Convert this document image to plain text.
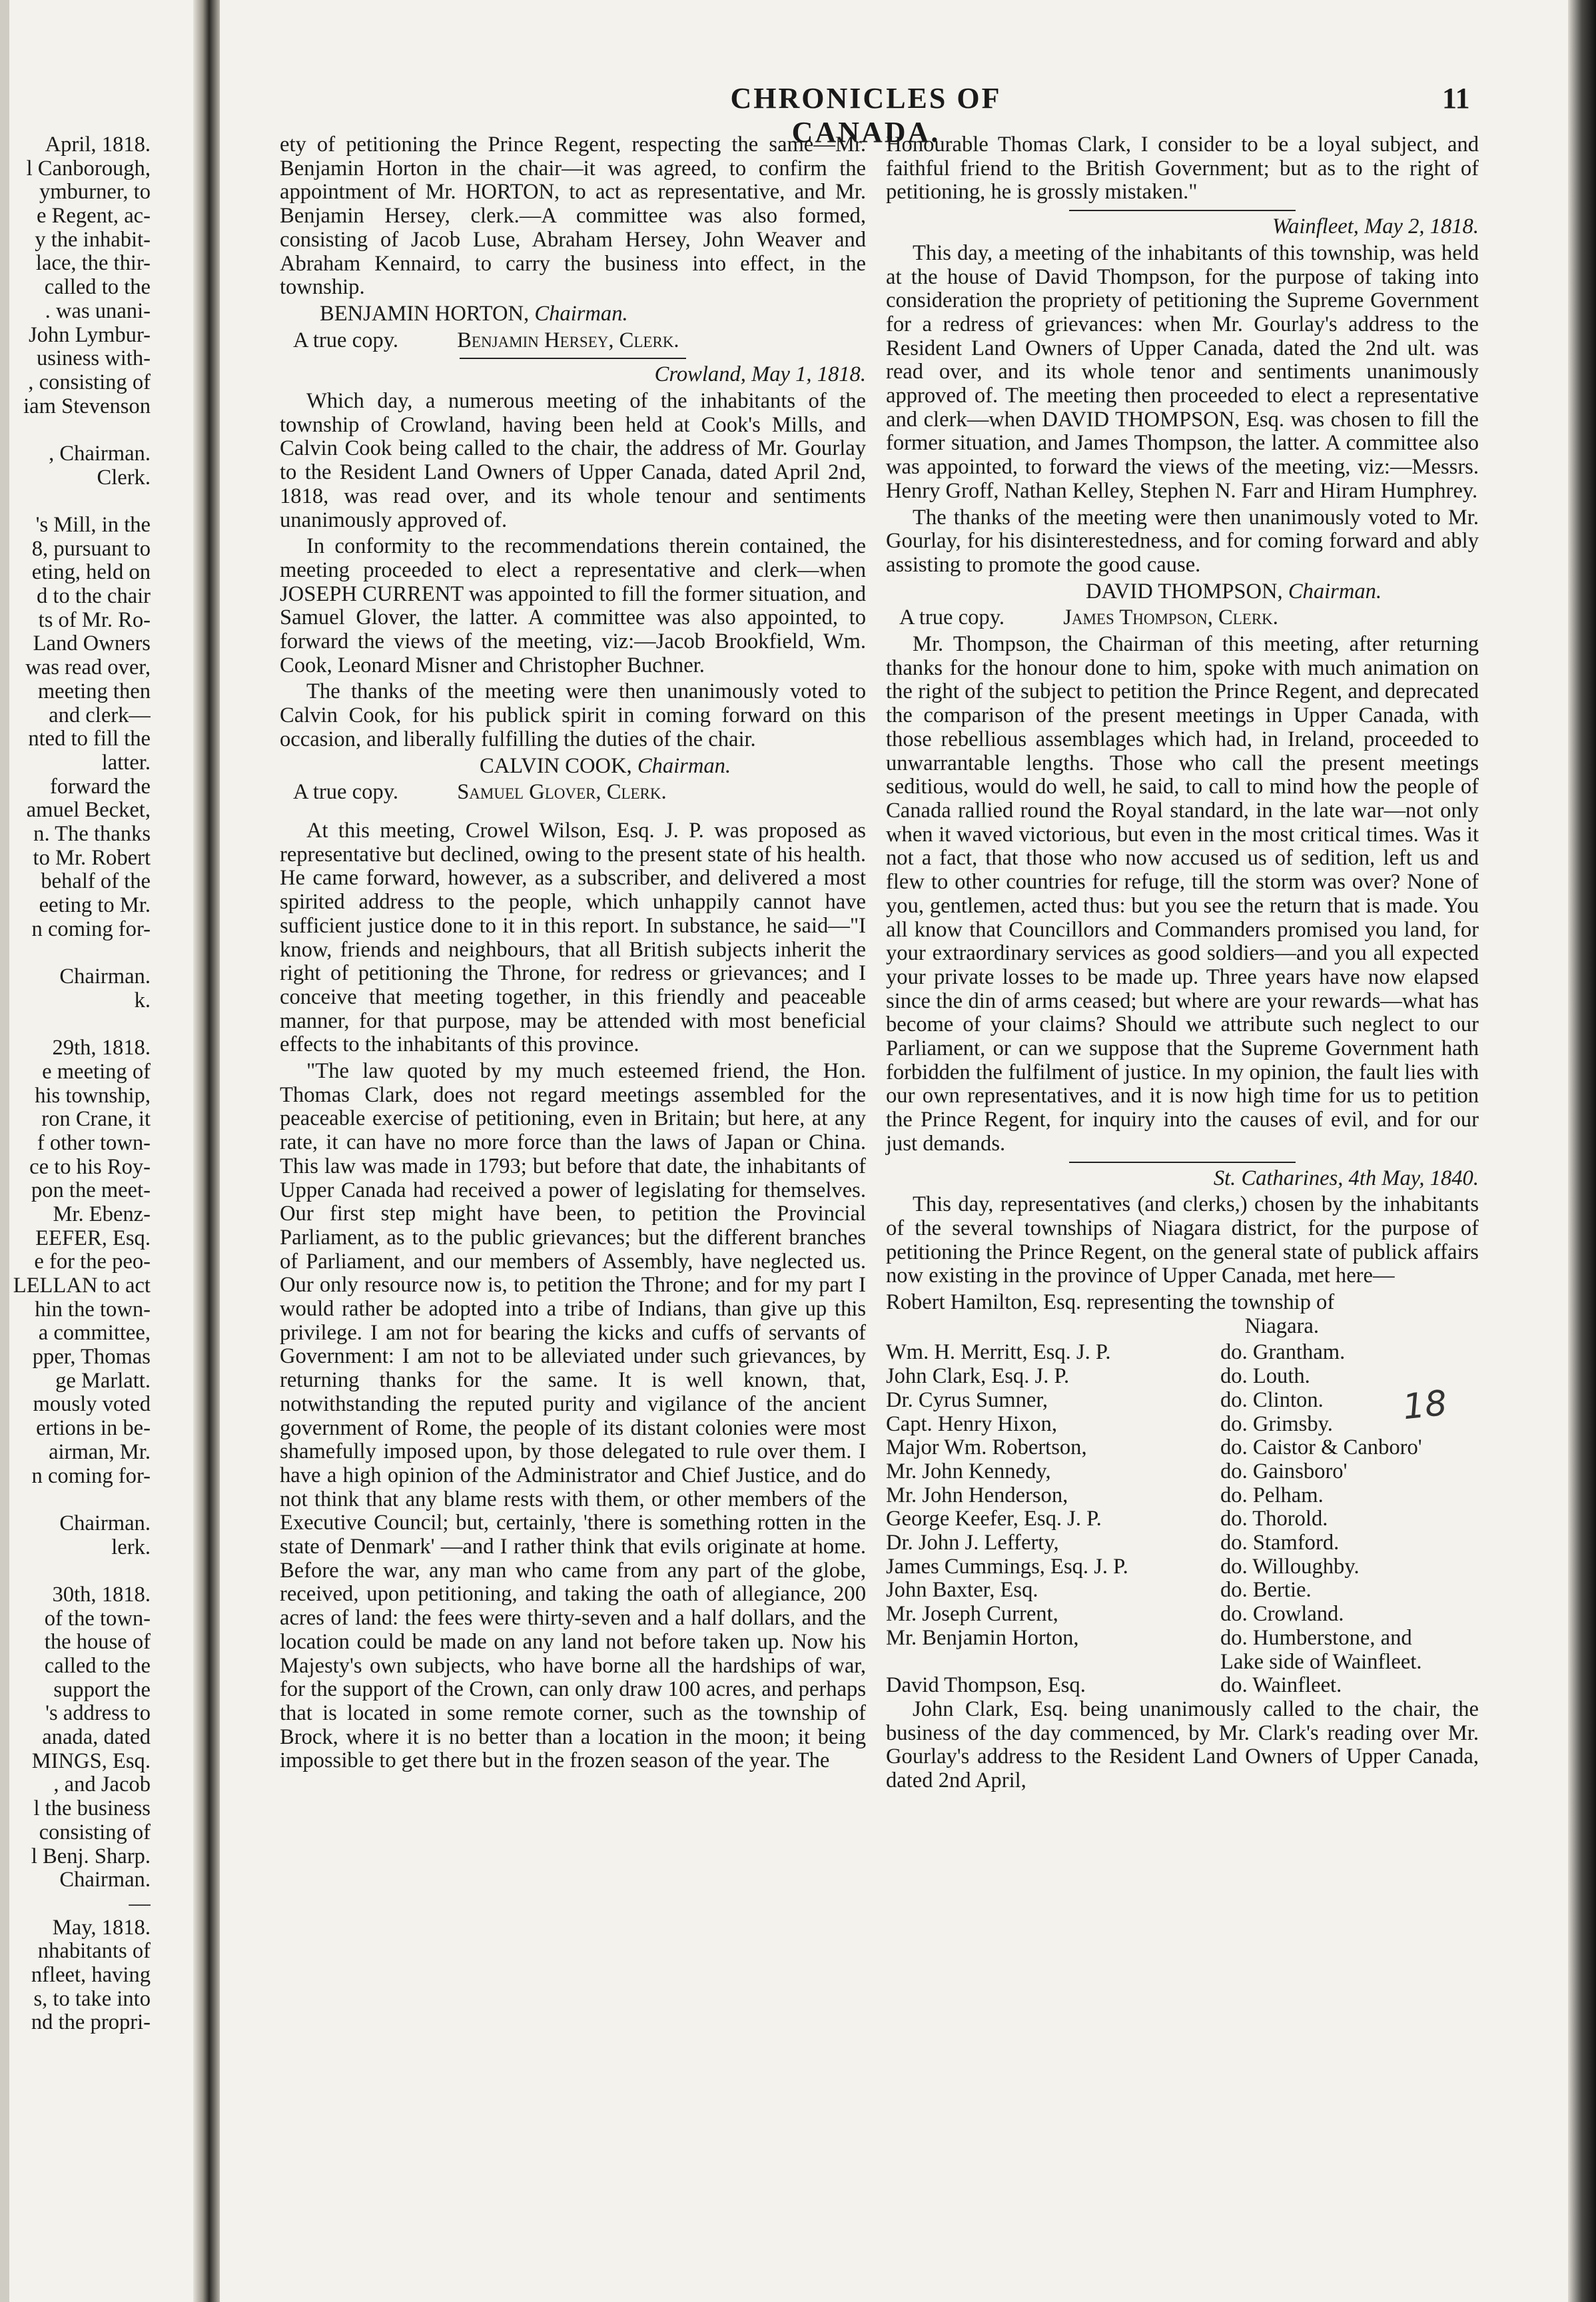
April, 1818.
l Canborough,
ymburner, to
e Regent, ac-
y the inhabit-
lace, the thir-
called to the
. was unani-
John Lymbur-
usiness with-
, consisting of
iam Stevenson
, Chairman.
Clerk.
's Mill, in the
8, pursuant to
eting, held on
d to the chair
ts of Mr. Ro-
Land Owners
was read over,
meeting then
and clerk—
nted to fill the
latter.
forward the
amuel Becket,
n. The thanks
to Mr. Robert
behalf of the
eeting to Mr.
n coming for-
Chairman.
k.
29th, 1818.
e meeting of
his township,
ron Crane, it
f other town-
ce to his Roy-
pon the meet-
Mr. Ebenz-
EEFER, Esq.
e for the peo-
LELLAN to act
hin the town-
a committee,
pper, Thomas
ge Marlatt.
mously voted
ertions in be-
airman, Mr.
n coming for-
Chairman.
lerk.
30th, 1818.
of the town-
the house of
called to the
support the
's address to
anada, dated
MINGS, Esq.
, and Jacob
l the business
consisting of
l Benj. Sharp.
Chairman.
—
May, 1818.
nhabitants of
nfleet, having
s, to take into
nd the propri-
CHRONICLES OF CANADA.
11

ety of petitioning the Prince Regent, respecting the same—Mr. Benjamin Horton in the chair—it was agreed, to confirm the appointment of Mr. HORTON, to act as representative, and Mr. Benjamin Hersey, clerk.—A committee was also formed, consisting of Jacob Luse, Abraham Hersey, John Weaver and Abraham Kennaird, to carry the business into effect, in the township.

BENJAMIN HORTON, Chairman.

A true copy.	Benjamin Hersey, Clerk.

Crowland, May 1, 1818.

Which day, a numerous meeting of the inhabitants of the township of Crowland, having been held at Cook's Mills, and Calvin Cook being called to the chair, the address of Mr. Gourlay to the Resident Land Owners of Upper Canada, dated April 2nd, 1818, was read over, and its whole tenour and sentiments unanimously approved of.

In conformity to the recommendations therein contained, the meeting proceeded to elect a representative and clerk—when JOSEPH CURRENT was appointed to fill the former situation, and Samuel Glover, the latter. A committee was also appointed, to forward the views of the meeting, viz:—Jacob Brookfield, Wm. Cook, Leonard Misner and Christopher Buchner.

The thanks of the meeting were then unanimously voted to Calvin Cook, for his publick spirit in coming forward on this occasion, and liberally fulfilling the duties of the chair.

CALVIN COOK, Chairman.

A true copy.	Samuel Glover, Clerk.

At this meeting, Crowel Wilson, Esq. J. P. was proposed as representative but declined, owing to the present state of his health. He came forward, however, as a subscriber, and delivered a most spirited address to the people, which unhappily cannot have sufficient justice done to it in this report. In substance, he said—"I know, friends and neighbours, that all British subjects inherit the right of petitioning the Throne, for redress or grievances; and I conceive that meeting together, in this friendly and peaceable manner, for that purpose, may be attended with most beneficial effects to the inhabitants of this province.

"The law quoted by my much esteemed friend, the Hon. Thomas Clark, does not regard meetings assembled for the peaceable exercise of petitioning, even in Britain; but here, at any rate, it can have no more force than the laws of Japan or China. This law was made in 1793; but before that date, the inhabitants of Upper Canada had received a power of legislating for themselves. Our first step might have been, to petition the Provincial Parliament, as to the public grievances; but the different branches of Parliament, and our members of Assembly, have neglected us. Our only resource now is, to petition the Throne; and for my part I would rather be adopted into a tribe of Indians, than give up this privilege. I am not for bearing the kicks and cuffs of servants of Government: I am not to be alleviated under such grievances, by returning thanks for the same. It is well known, that, notwithstanding the reputed purity and vigilance of the ancient government of Rome, the people of its distant colonies were most shamefully imposed upon, by those delegated to rule over them. I have a high opinion of the Administrator and Chief Justice, and do not think that any blame rests with them, or other members of the Executive Council; but, certainly, 'there is something rotten in the state of Denmark' —and I rather think that evils originate at home. Before the war, any man who came from any part of the globe, received, upon petitioning, and taking the oath of allegiance, 200 acres of land: the fees were thirty-seven and a half dollars, and the location could be made on any land not before taken up. Now his Majesty's own subjects, who have borne all the hardships of war, for the support of the Crown, can only draw 100 acres, and perhaps that is located in some remote corner, such as the township of Brock, where it is no better than a location in the moon; it being impossible to get there but in the frozen season of the year. The

Honourable Thomas Clark, I consider to be a loyal subject, and faithful friend to the British Government; but as to the right of petitioning, he is grossly mistaken."

Wainfleet, May 2, 1818.

This day, a meeting of the inhabitants of this township, was held at the house of David Thompson, for the purpose of taking into consideration the propriety of petitioning the Supreme Government for a redress of grievances: when Mr. Gourlay's address to the Resident Land Owners of Upper Canada, dated the 2nd ult. was read over, and its whole tenor and sentiments unanimously approved of. The meeting then proceeded to elect a representative and clerk—when DAVID THOMPSON, Esq. was chosen to fill the former situation, and James Thompson, the latter. A committee also was appointed, to forward the views of the meeting, viz:—Messrs. Henry Groff, Nathan Kelley, Stephen N. Farr and Hiram Humphrey.

The thanks of the meeting were then unanimously voted to Mr. Gourlay, for his disinterestedness, and for coming forward and ably assisting to promote the good cause.

DAVID THOMPSON, Chairman.

A true copy.	James Thompson, Clerk.

Mr. Thompson, the Chairman of this meeting, after returning thanks for the honour done to him, spoke with much animation on the right of the subject to petition the Prince Regent, and deprecated the comparison of the present meetings in Upper Canada, with those rebellious assemblages which had, in Ireland, proceeded to unwarrantable lengths. Those who call the present meetings seditious, would do well, he said, to call to mind how the people of Canada rallied round the Royal standard, in the late war—not only when it waved victorious, but even in the most critical times. Was it not a fact, that those who now accused us of sedition, left us and flew to other countries for refuge, till the storm was over? None of you, gentlemen, acted thus: but you see the return that is made. You all know that Councillors and Commanders promised you land, for your extraordinary services as good soldiers—and you all expected your private losses to be made up. Three years have now elapsed since the din of arms ceased; but where are your rewards—what has become of your claims? Should we attribute such neglect to our Parliament, or can we suppose that the Supreme Government hath forbidden the fulfilment of justice. In my opinion, the fault lies with our own representatives, and it is now high time for us to petition the Prince Regent, for inquiry into the causes of evil, and for our just demands.

St. Catharines, 4th May, 1840.

This day, representatives (and clerks,) chosen by the inhabitants of the several townships of Niagara district, for the purpose of petitioning the Prince Regent, on the general state of publick affairs now existing in the province of Upper Canada, met here—

Robert Hamilton, Esq. representing the township of

Niagara.

Wm. H. Merritt, Esq. J. P.	do. Grantham.
John Clark, Esq. J. P.	do. Louth.
Dr. Cyrus Sumner,	do. Clinton.
Capt. Henry Hixon,	do. Grimsby.
Major Wm. Robertson,	do. Caistor & Canboro'
Mr. John Kennedy,	do. Gainsboro'
Mr. John Henderson,	do. Pelham.
George Keefer, Esq. J. P.	do. Thorold.
Dr. John J. Lefferty,	do. Stamford.
James Cummings, Esq. J. P.	do. Willoughby.
John Baxter, Esq.	do. Bertie.
Mr. Joseph Current,	do. Crowland.
Mr. Benjamin Horton,	do. Humberstone, and
	Lake side of Wainfleet.
David Thompson, Esq.	do. Wainfleet.

John Clark, Esq. being unanimously called to the chair, the business of the day commenced, by Mr. Clark's reading over Mr. Gourlay's address to the Resident Land Owners of Upper Canada, dated 2nd April,

18
